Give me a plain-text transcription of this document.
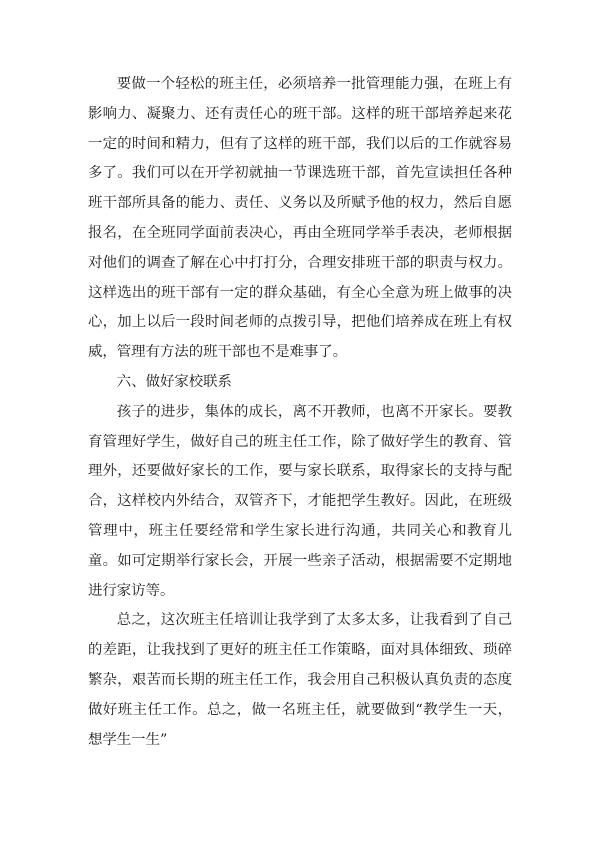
要做一个轻松的班主任，必须培养一批管理能力强，在班上有影响力、凝聚力、还有责任心的班干部。这样的班干部培养起来花一定的时间和精力，但有了这样的班干部，我们以后的工作就容易多了。我们可以在开学初就抽一节课选班干部，首先宣读担任各种班干部所具备的能力、责任、义务以及所赋予他的权力，然后自愿报名，在全班同学面前表决心，再由全班同学举手表决，老师根据对他们的调查了解在心中打打分，合理安排班干部的职责与权力。这样选出的班干部有一定的群众基础，有全心全意为班上做事的决心，加上以后一段时间老师的点拨引导，把他们培养成在班上有权威，管理有方法的班干部也不是难事了。

六、做好家校联系

孩子的进步，集体的成长，离不开教师，也离不开家长。要教育管理好学生，做好自己的班主任工作，除了做好学生的教育、管理外，还要做好家长的工作，要与家长联系，取得家长的支持与配合，这样校内外结合，双管齐下，才能把学生教好。因此，在班级管理中，班主任要经常和学生家长进行沟通，共同关心和教育儿童。如可定期举行家长会，开展一些亲子活动，根据需要不定期地进行家访等。

总之，这次班主任培训让我学到了太多太多，让我看到了自己的差距，让我找到了更好的班主任工作策略，面对具体细致、琐碎繁杂，艰苦而长期的班主任工作，我会用自己积极认真负责的态度做好班主任工作。总之，做一名班主任，就要做到“教学生一天，想学生一生”
